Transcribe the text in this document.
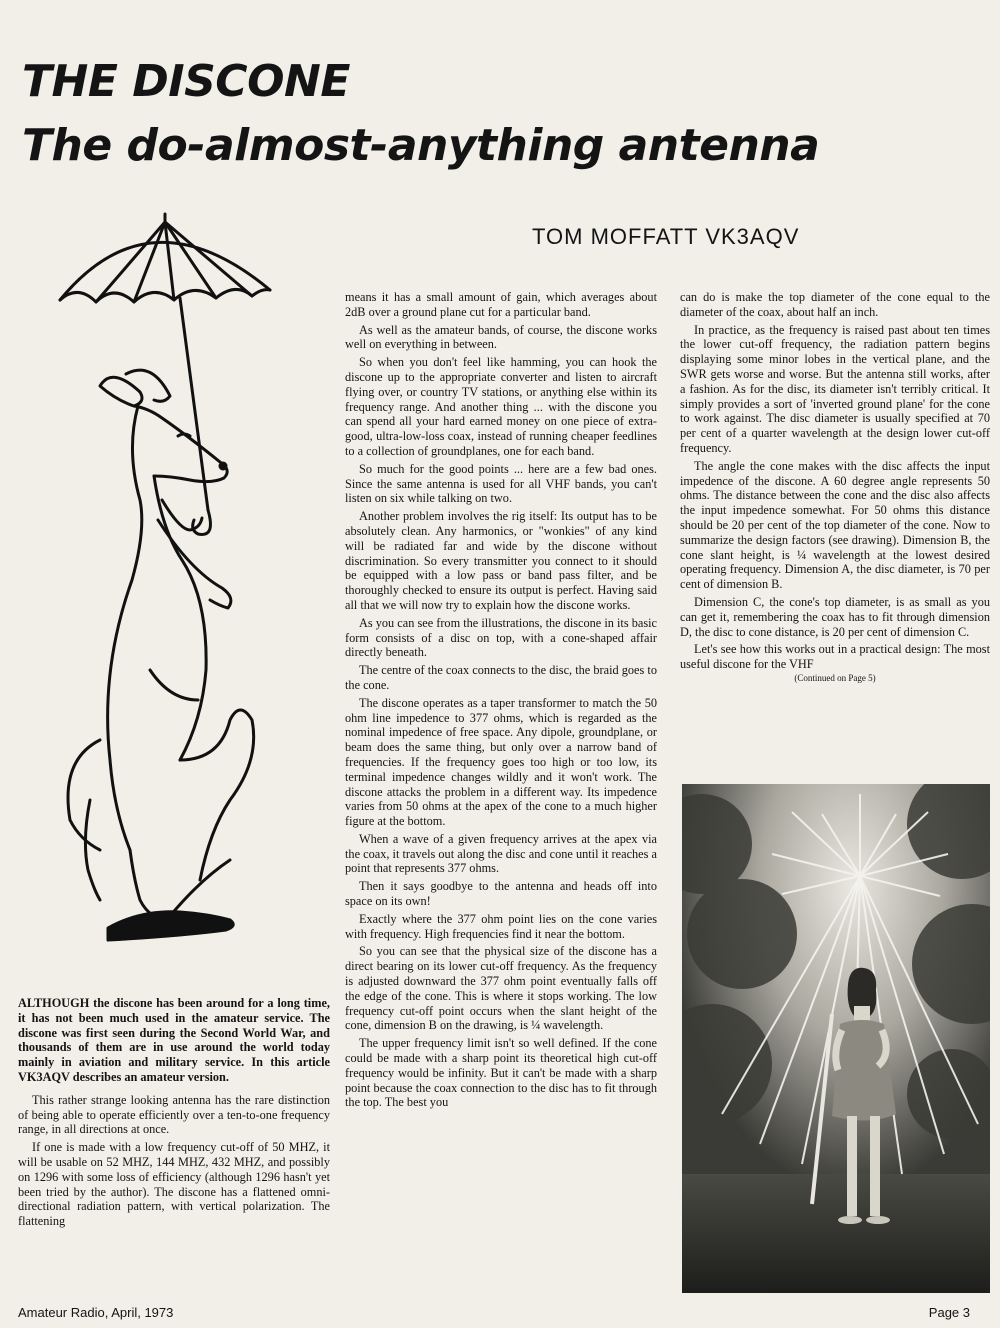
THE DISCONE
The do-almost-anything antenna
TOM MOFFATT VK3AQV

ALTHOUGH the discone has been around for a long time, it has not been much used in the amateur service. The discone was first seen during the Second World War, and thousands of them are in use around the world today mainly in aviation and military service. In this article VK3AQV describes an amateur version.

This rather strange looking antenna has the rare distinction of being able to operate efficiently over a ten-to-one frequency range, in all directions at once.

If one is made with a low frequency cut-off of 50 MHZ, it will be usable on 52 MHZ, 144 MHZ, 432 MHZ, and possibly on 1296 with some loss of efficiency (although 1296 hasn't yet been tried by the author). The discone has a flattened omni-directional radiation pattern, with vertical polarization. The flattening

means it has a small amount of gain, which averages about 2dB over a ground plane cut for a particular band.

As well as the amateur bands, of course, the discone works well on everything in between.

So when you don't feel like hamming, you can hook the discone up to the appropriate converter and listen to aircraft flying over, or country TV stations, or anything else within its frequency range. And another thing ... with the discone you can spend all your hard earned money on one piece of extra-good, ultra-low-loss coax, instead of running cheaper feedlines to a collection of groundplanes, one for each band.

So much for the good points ... here are a few bad ones. Since the same antenna is used for all VHF bands, you can't listen on six while talking on two.

Another problem involves the rig itself: Its output has to be absolutely clean. Any harmonics, or "wonkies" of any kind will be radiated far and wide by the discone without discrimination. So every transmitter you connect to it should be equipped with a low pass or band pass filter, and be thoroughly checked to ensure its output is perfect. Having said all that we will now try to explain how the discone works.

As you can see from the illustrations, the discone in its basic form consists of a disc on top, with a cone-shaped affair directly beneath.

The centre of the coax connects to the disc, the braid goes to the cone.

The discone operates as a taper transformer to match the 50 ohm line impedence to 377 ohms, which is regarded as the nominal impedence of free space. Any dipole, groundplane, or beam does the same thing, but only over a narrow band of frequencies. If the frequency goes too high or too low, its terminal impedence changes wildly and it won't work. The discone attacks the problem in a different way. Its impedence varies from 50 ohms at the apex of the cone to a much higher figure at the bottom.

When a wave of a given frequency arrives at the apex via the coax, it travels out along the disc and cone until it reaches a point that represents 377 ohms.

Then it says goodbye to the antenna and heads off into space on its own!

Exactly where the 377 ohm point lies on the cone varies with frequency. High frequencies find it near the bottom.

So you can see that the physical size of the discone has a direct bearing on its lower cut-off frequency. As the frequency is adjusted downward the 377 ohm point eventually falls off the edge of the cone. This is where it stops working. The low frequency cut-off point occurs when the slant height of the cone, dimension B on the drawing, is ¼ wavelength.

The upper frequency limit isn't so well defined. If the cone could be made with a sharp point its theoretical high cut-off frequency would be infinity. But it can't be made with a sharp point because the coax connection to the disc has to fit through the top. The best you

can do is make the top diameter of the cone equal to the diameter of the coax, about half an inch.

In practice, as the frequency is raised past about ten times the lower cut-off frequency, the radiation pattern begins displaying some minor lobes in the vertical plane, and the SWR gets worse and worse. But the antenna still works, after a fashion. As for the disc, its diameter isn't terribly critical. It simply provides a sort of 'inverted ground plane' for the cone to work against. The disc diameter is usually specified at 70 per cent of a quarter wavelength at the design lower cut-off frequency.

The angle the cone makes with the disc affects the input impedence of the discone. A 60 degree angle represents 50 ohms. The distance between the cone and the disc also affects the input impedence somewhat. For 50 ohms this distance should be 20 per cent of the top diameter of the cone. Now to summarize the design factors (see drawing). Dimension B, the cone slant height, is ¼ wavelength at the lowest desired operating frequency. Dimension A, the disc diameter, is 70 per cent of dimension B.

Dimension C, the cone's top diameter, is as small as you can get it, remembering the coax has to fit through dimension D, the disc to cone distance, is 20 per cent of dimension C.

Let's see how this works out in a practical design: The most useful discone for the VHF

(Continued on Page 5)
Amateur Radio, April, 1973	Page 3
